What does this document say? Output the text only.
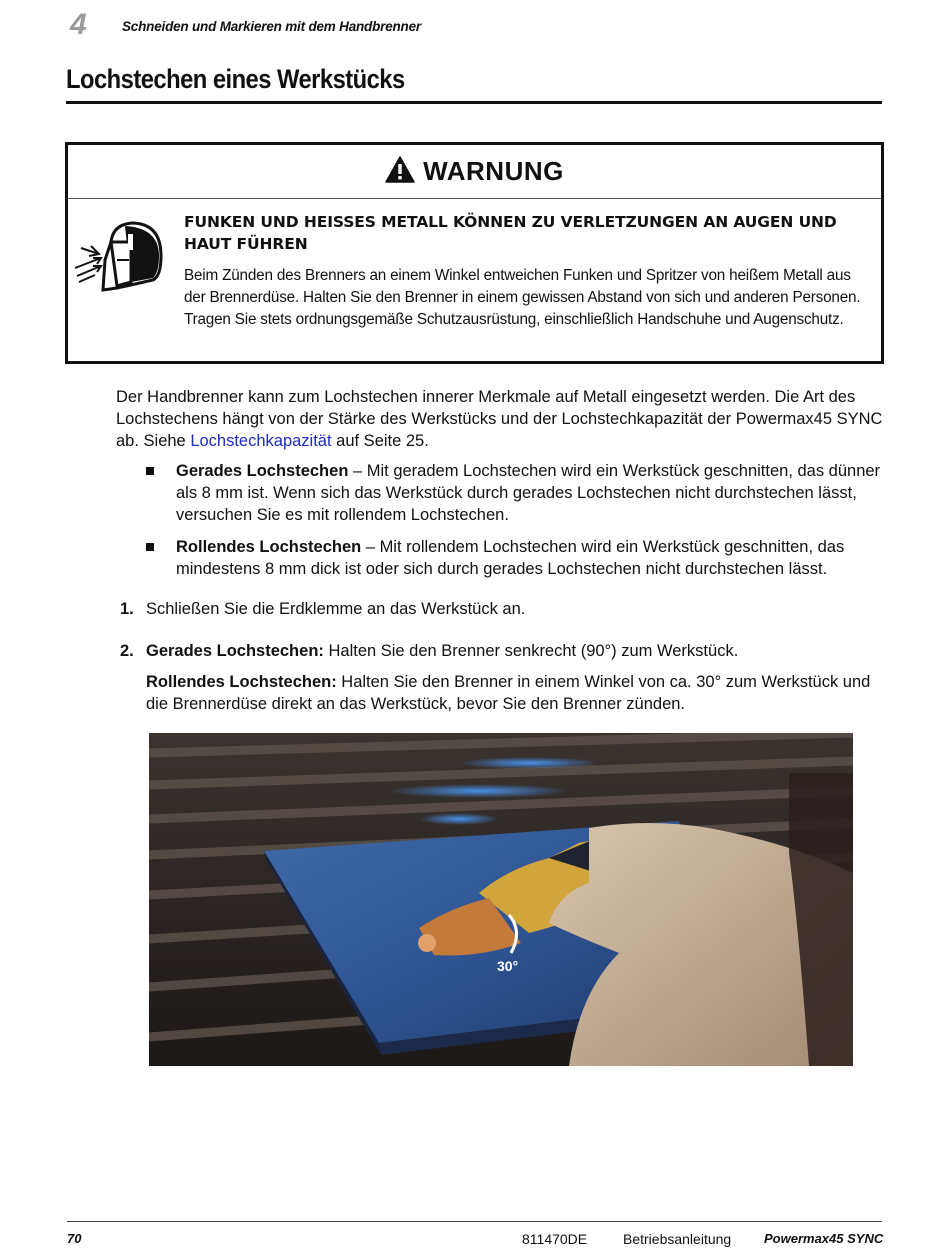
4	Schneiden und Markieren mit dem Handbrenner
Lochstechen eines Werkstücks
WARNUNG
FUNKEN UND HEISSES METALL KÖNNEN ZU VERLETZUNGEN AN AUGEN UND HAUT FÜHREN
Beim Zünden des Brenners an einem Winkel entweichen Funken und Spritzer von heißem Metall aus der Brennerdüse. Halten Sie den Brenner in einem gewissen Abstand von sich und anderen Personen. Tragen Sie stets ordnungsgemäße Schutzausrüstung, einschließlich Handschuhe und Augenschutz.
Der Handbrenner kann zum Lochstechen innerer Merkmale auf Metall eingesetzt werden. Die Art des Lochstechens hängt von der Stärke des Werkstücks und der Lochstechkapazität der Powermax45 SYNC ab. Siehe Lochstechkapazität auf Seite 25.
Gerades Lochstechen – Mit geradem Lochstechen wird ein Werkstück geschnitten, das dünner als 8 mm ist. Wenn sich das Werkstück durch gerades Lochstechen nicht durchstechen lässt, versuchen Sie es mit rollendem Lochstechen.
Rollendes Lochstechen – Mit rollendem Lochstechen wird ein Werkstück geschnitten, das mindestens 8 mm dick ist oder sich durch gerades Lochstechen nicht durchstechen lässt.
1. Schließen Sie die Erdklemme an das Werkstück an.
2. Gerades Lochstechen: Halten Sie den Brenner senkrecht (90°) zum Werkstück.
Rollendes Lochstechen: Halten Sie den Brenner in einem Winkel von ca. 30° zum Werkstück und die Brennerdüse direkt an das Werkstück, bevor Sie den Brenner zünden.
30°
70	811470DE	Betriebsanleitung	Powermax45 SYNC
